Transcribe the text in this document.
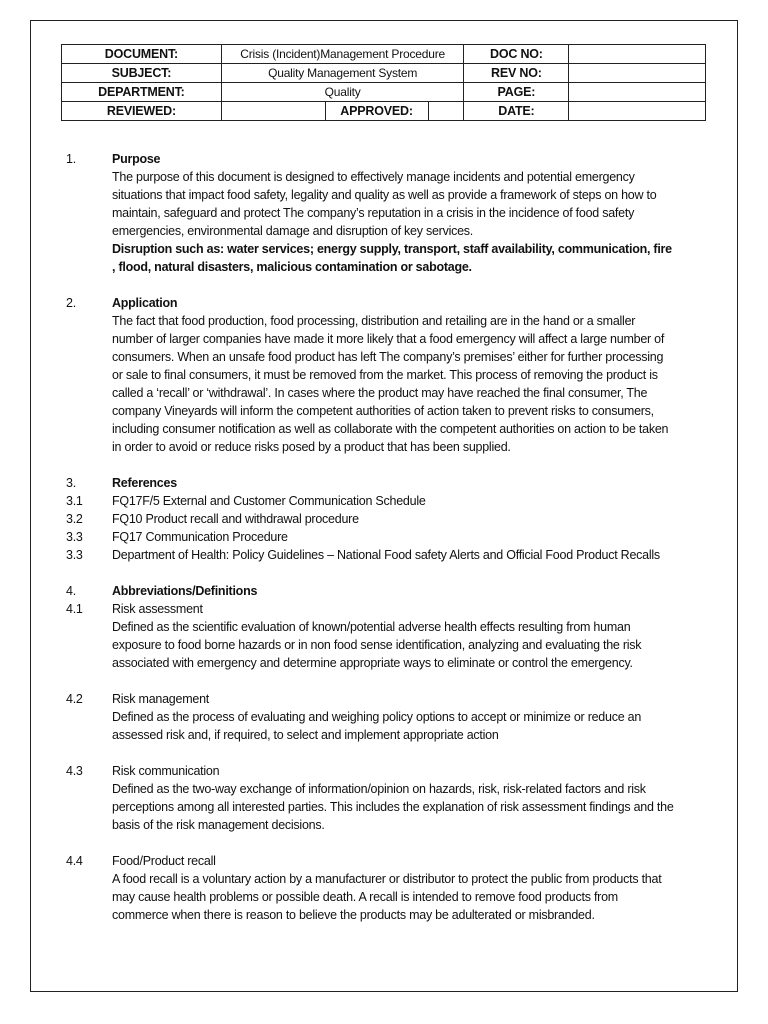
DOCUMENT:	Crisis (Incident)Management Procedure			DOC NO:	
SUBJECT:	Quality Management System			REV NO:	
DEPARTMENT:	Quality			PAGE:	
REVIEWED:		APPROVED:		DATE:	
1.	Purpose

The purpose of this document is designed to effectively manage incidents and potential emergency situations that impact food safety, legality and quality as well as provide a framework of steps on how to maintain, safeguard and protect The company’s reputation in a crisis in the incidence of food safety emergencies, environmental damage and disruption of key services.

Disruption such as: water services; energy supply, transport, staff availability, communication, fire , flood, natural disasters, malicious contamination or sabotage.

2.	Application

The fact that food production, food processing, distribution and retailing are in the hand or a smaller number of larger companies have made it more likely that a food emergency will affect a large number of consumers. When an unsafe food product has left The company’s premises’ either for further processing or sale to final consumers, it must be removed from the market. This process of removing the product is called a ‘recall’ or ‘withdrawal’. In cases where the product may have reached the final consumer, The company Vineyards will inform the competent authorities of action taken to prevent risks to consumers, including consumer notification as well as collaborate with the competent authorities on action to be taken in order to avoid or reduce risks posed by a product that has been supplied.

3.	References
3.1	FQ17F/5 External and Customer Communication Schedule
3.2	FQ10 Product recall and withdrawal procedure
3.3	FQ17 Communication Procedure
3.3	Department of Health: Policy Guidelines – National Food safety Alerts and Official Food Product Recalls
4.	Abbreviations/Definitions
4.1	Risk assessment

Defined as the scientific evaluation of known/potential adverse health effects resulting from human exposure to food borne hazards or in non food sense identification, analyzing and evaluating the risk associated with emergency and determine appropriate ways to eliminate or control the emergency.

4.2	Risk management

Defined as the process of evaluating and weighing policy options to accept or minimize or reduce an assessed risk and, if required, to select and implement appropriate action

4.3	Risk communication

Defined as the two-way exchange of information/opinion on hazards, risk, risk-related factors and risk perceptions among all interested parties. This includes the explanation of risk assessment findings and the basis of the risk management decisions.

4.4	Food/Product recall

A food recall is a voluntary action by a manufacturer or distributor to protect the public from products that may cause health problems or possible death. A recall is intended to remove food products from commerce when there is reason to believe the products may be adulterated or misbranded.
